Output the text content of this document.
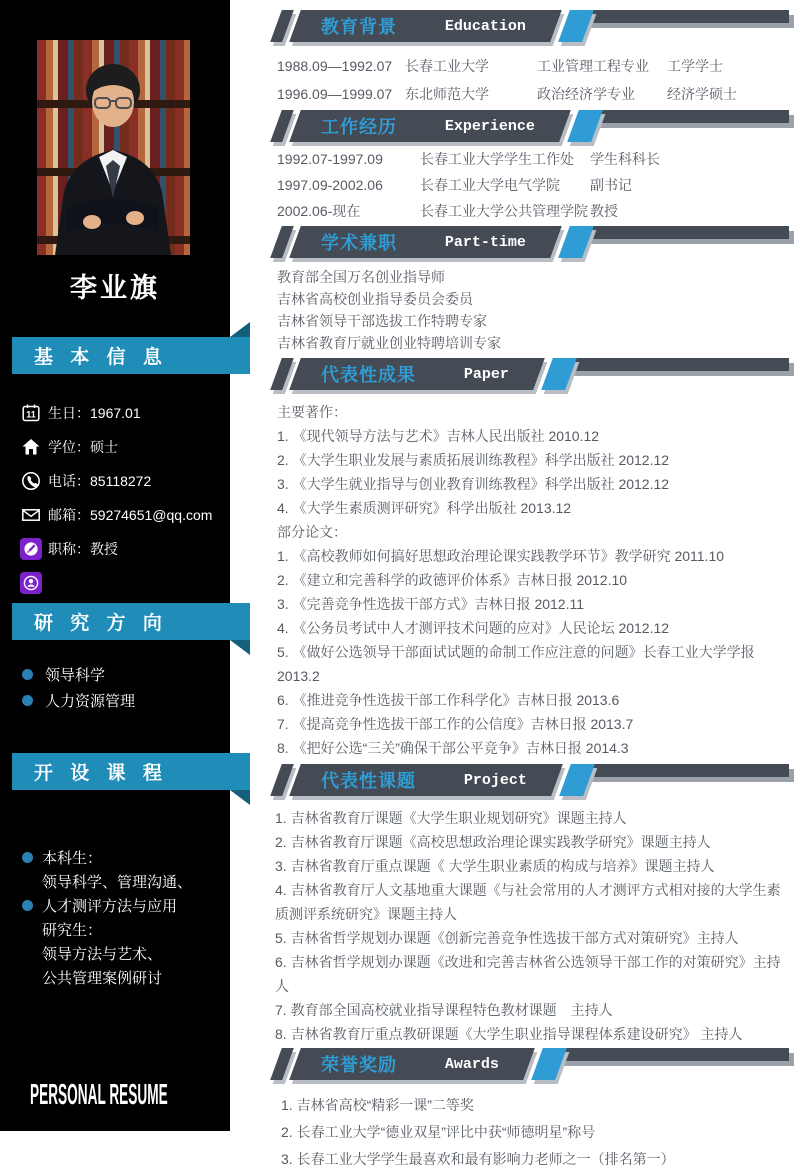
李业旗
基 本 信 息
11 生日： 1967.01
学位： 硕士
电话： 85118272
邮箱： 59274651@qq.com
职称： 教授
研 究 方 向
领导科学
人力资源管理
开 设 课 程
本科生：
领导科学、管理沟通、
人才测评方法与应用
研究生：
领导方法与艺术、
公共管理案例研讨
PERSONAL RESUME
教育背景	Education
1988.09—1992.07 长春工业大学	工业管理工程专业	工学学士
1996.09—1999.07 东北师范大学	政治经济学专业	经济学硕士
工作经历	Experience
1992.07-1997.09	长春工业大学学生工作处	学生科科长
1997.09-2002.06	长春工业大学电气学院	副书记
2002.06-现在	长春工业大学公共管理学院 教授
学术兼职	Part-time

教育部全国万名创业指导师

吉林省高校创业指导委员会委员

吉林省领导干部选拔工作特聘专家

吉林省教育厅就业创业特聘培训专家

代表性成果	Paper

主要著作：

1. 《现代领导方法与艺术》吉林人民出版社 2010.12

2. 《大学生职业发展与素质拓展训练教程》科学出版社 2012.12

3. 《大学生就业指导与创业教育训练教程》科学出版社 2012.12

4. 《大学生素质测评研究》科学出版社 2013.12

部分论文：

1. 《高校教师如何搞好思想政治理论课实践教学环节》教学研究 2011.10

2. 《建立和完善科学的政德评价体系》吉林日报 2012.10

3. 《完善竞争性选拔干部方式》吉林日报 2012.11

4. 《公务员考试中人才测评技术问题的应对》人民论坛 2012.12

5. 《做好公选领导干部面试试题的命制工作应注意的问题》长春工业大学学报 2013.2

6. 《推进竞争性选拔干部工作科学化》吉林日报 2013.6

7. 《提高竞争性选拔干部工作的公信度》吉林日报 2013.7

8. 《把好公选“三关”确保干部公平竞争》吉林日报 2014.3

代表性课题	Project

1. 吉林省教育厅课题《大学生职业规划研究》课题主持人

2. 吉林省教育厅课题《高校思想政治理论课实践教学研究》课题主持人

3. 吉林省教育厅重点课题《 大学生职业素质的构成与培养》课题主持人

4. 吉林省教育厅人文基地重大课题《与社会常用的人才测评方式相对接的大学生素质测评系统研究》课题主持人

5. 吉林省哲学规划办课题《创新完善竞争性选拔干部方式对策研究》主持人

6. 吉林省哲学规划办课题《改进和完善吉林省公选领导干部工作的对策研究》主持人

7. 教育部全国高校就业指导课程特色教材课题　主持人

8. 吉林省教育厅重点教研课题《大学生职业指导课程体系建设研究》 主持人

荣誉奖励	Awards

1. 吉林省高校“精彩一课”二等奖

2. 长春工业大学“德业双星”评比中获“师德明星”称号

3. 长春工业大学学生最喜欢和最有影响力老师之一（排名第一）
